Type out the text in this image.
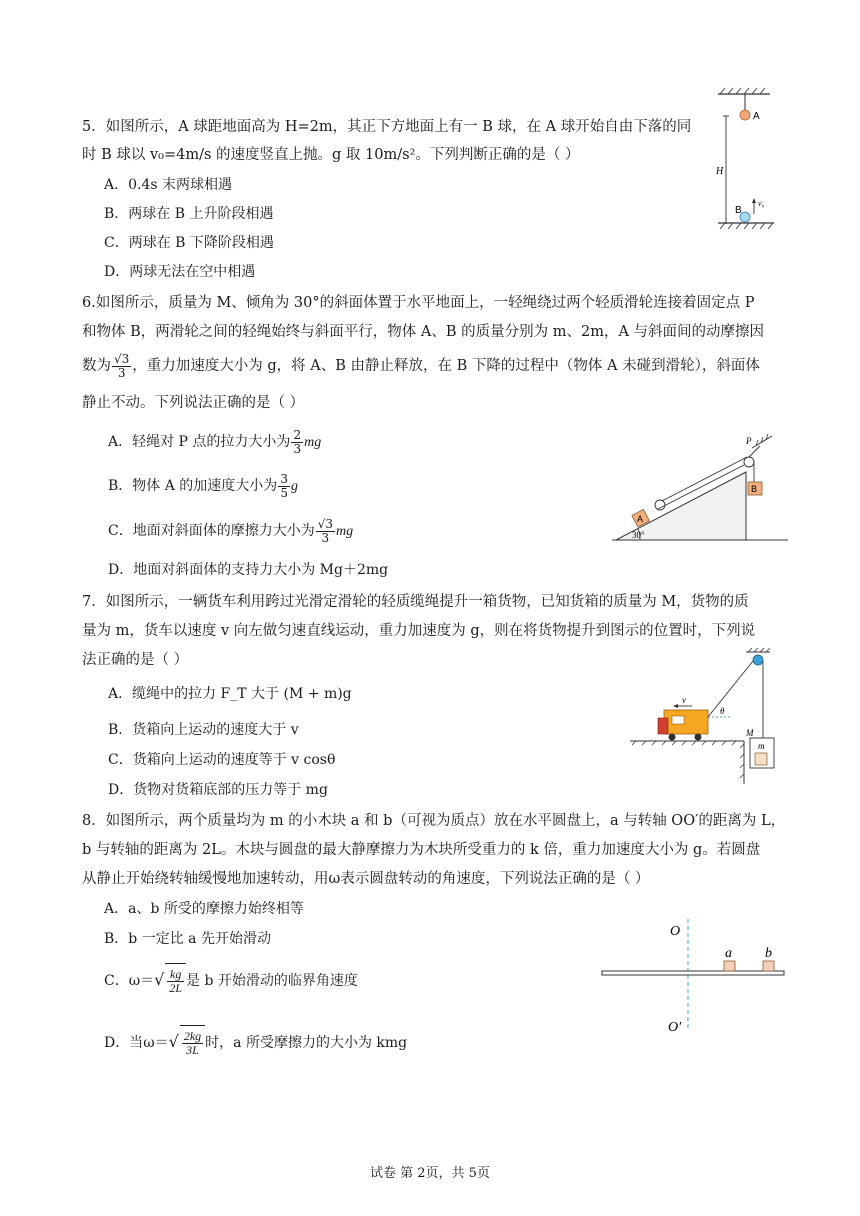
5．如图所示，A 球距地面高为 H=2m，其正下方地面上有一 B 球，在 A 球开始自由下落的同
时 B 球以 v₀=4m/s 的速度竖直上抛。g 取 10m/s²。下列判断正确的是（ ）
A．0.4s 末两球相遇
B．两球在 B 上升阶段相遇
C．两球在 B 下降阶段相遇
D．两球无法在空中相遇
A
H
B
v₀
6.如图所示，质量为 M、倾角为 30°的斜面体置于水平地面上，一轻绳绕过两个轻质滑轮连接着固定点 P
和物体 B，两滑轮之间的轻绳始终与斜面平行，物体 A、B 的质量分别为 m、2m，A 与斜面间的动摩擦因
数为 $\frac{√3}{3}$ ，重力加速度大小为 g，将 A、B 由静止释放，在 B 下降的过程中（物体 A 未碰到滑轮），斜面体
静止不动。下列说法正确的是（ ）
A．轻绳对 P 点的拉力大小为 $\frac{2}{3}$ mg
B．物体 A 的加速度大小为 $\frac{3}{5}$ g
C．地面对斜面体的摩擦力大小为 $\frac{√3}{3}$ mg
D．地面对斜面体的支持力大小为 Mg＋2mg
30°
A
P
B
7．如图所示，一辆货车利用跨过光滑定滑轮的轻质缆绳提升一箱货物，已知货箱的质量为 M，货物的质
量为 m，货车以速度 v 向左做匀速直线运动，重力加速度为 g，则在将货物提升到图示的位置时，下列说
法正确的是（ ）
A．缆绳中的拉力 F_T 大于 (M + m)g
B．货箱向上运动的速度大于 v
C．货箱向上运动的速度等于 v cosθ
D．货物对货箱底部的压力等于 mg
θ
v
M
m
8．如图所示，两个质量均为 m 的小木块 a 和 b（可视为质点）放在水平圆盘上，a 与转轴 OO′的距离为 L，
b 与转轴的距离为 2L。木块与圆盘的最大静摩擦力为木块所受重力的 k 倍，重力加速度大小为 g。若圆盘
从静止开始绕转轴缓慢地加速转动，用ω表示圆盘转动的角速度，下列说法正确的是（ ）
A．a、b 所受的摩擦力始终相等
B．b 一定比 a 先开始滑动
C．$\omega=√ \frac{kg}{2L}$ 是 b 开始滑动的临界角速度
D．当$\omega=√ \frac{2kg}{3L}$ 时，a 所受摩擦力的大小为 kmg
O
O′
a b
试卷 第 2页，共 5页
